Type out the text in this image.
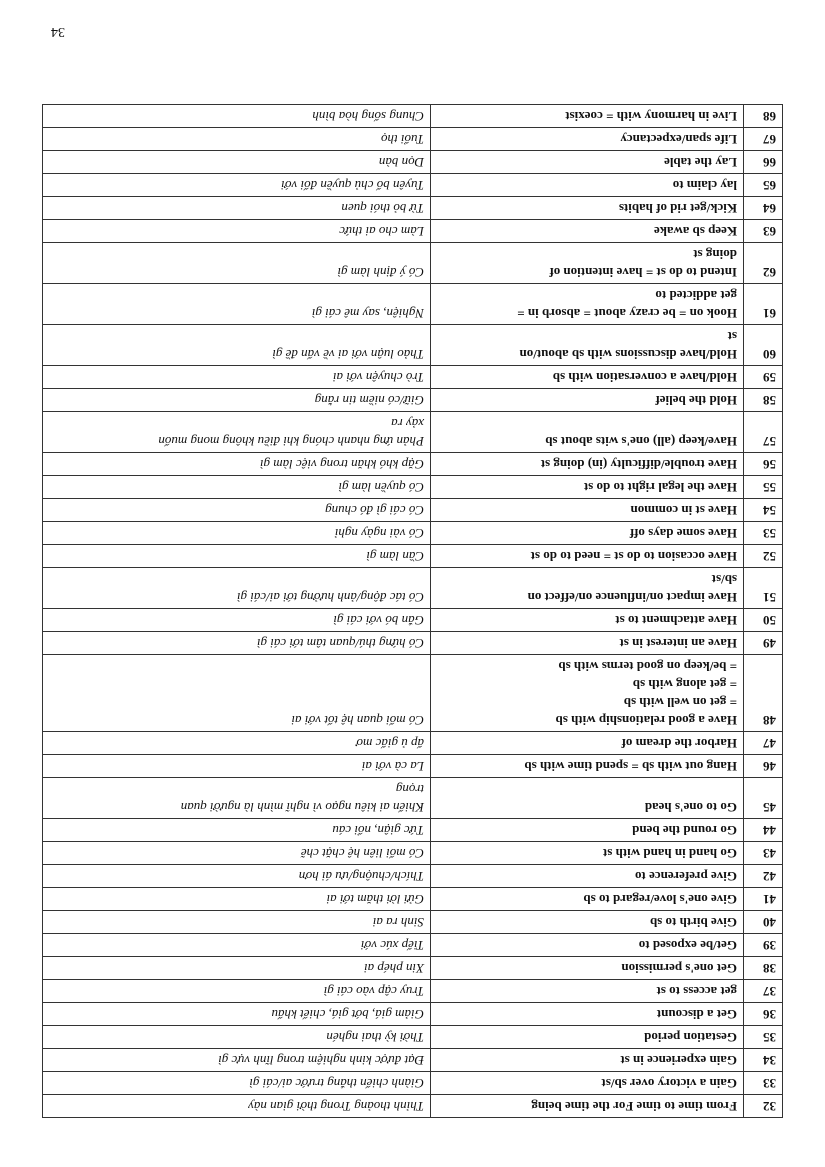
32	From time to time For the time being	Thỉnh thoảng Trong thời gian này

33	Gain a victory over sb/st	Giành chiến thắng trước ai/cái gì

34	Gain experience in st	Đạt được kinh nghiệm trong lĩnh vực gì

35	Gestation period	Thời kỳ thai nghén

36	Get a discount	Giảm giá, bớt giá, chiết khấu

37	get access to st	Truy cập vào cái gì

38	Get one's permission	Xin phép ai

39	Get/be exposed to	Tiếp xúc với

40	Give birth to sb	Sinh ra ai

41	Give one's love/regard to sb	Gửi lời thăm tới ai

42	Give preference to	Thích/chuộng/ưu ái hơn

43	Go hand in hand with st	Có mối liên hệ chặt chẽ

44	Go round the bend	Tức giận, nổi cáu

45	Go to one's head	Khiến ai kiêu ngạo vì nghĩ mình là người quan
trọng

46	Hang out with sb = spend time with sb	La cà với ai

47	Harbor the dream of	ấp ủ giấc mơ

48	Have a good relationship with sb
= get on well with sb
= get along with sb
= be/keep on good terms with sb	Có mối quan hệ tốt với ai

49	Have an interest in st	Có hứng thú/quan tâm tới cái gì

50	Have attachment to st	Gắn bó với cái gì

51	Have impact on/influence on/effect on
sb/st	Có tác động/ảnh hưởng tới ai/cái gì

52	Have occasion to do st = need to do st	Cần làm gì

53	Have some days off	Có vài ngày nghỉ

54	Have st in common	Có cái gì đó chung

55	Have the legal right to do st	Có quyền làm gì

56	Have trouble/difficulty (in) doing st	Gặp khó khăn trong việc làm gì

57	Have/keep (all) one's wits about sb	Phản ứng nhanh chóng khi điều không mong muốn
xảy ra

58	Hold the belief	Giữ/có niềm tin rằng

59	Hold/have a conversation with sb	Trò chuyện với ai

60	Hold/have discussions with sb about/on
st	Thảo luận với ai về vấn đề gì

61	Hook on = be crazy about = absorb in =
get addicted to	Nghiện, say mê cái gì

62	Intend to do st = have intention of
doing st	Có ý định làm gì

63	Keep sb awake	Làm cho ai thức

64	Kick/get rid of habits	Từ bỏ thói quen

65	lay claim to	Tuyên bố chủ quyền đối với

66	Lay the table	Dọn bàn

67	Life span/expectancy	Tuổi thọ

68	Live in harmony with = coexist	Chung sống hòa bình
34
